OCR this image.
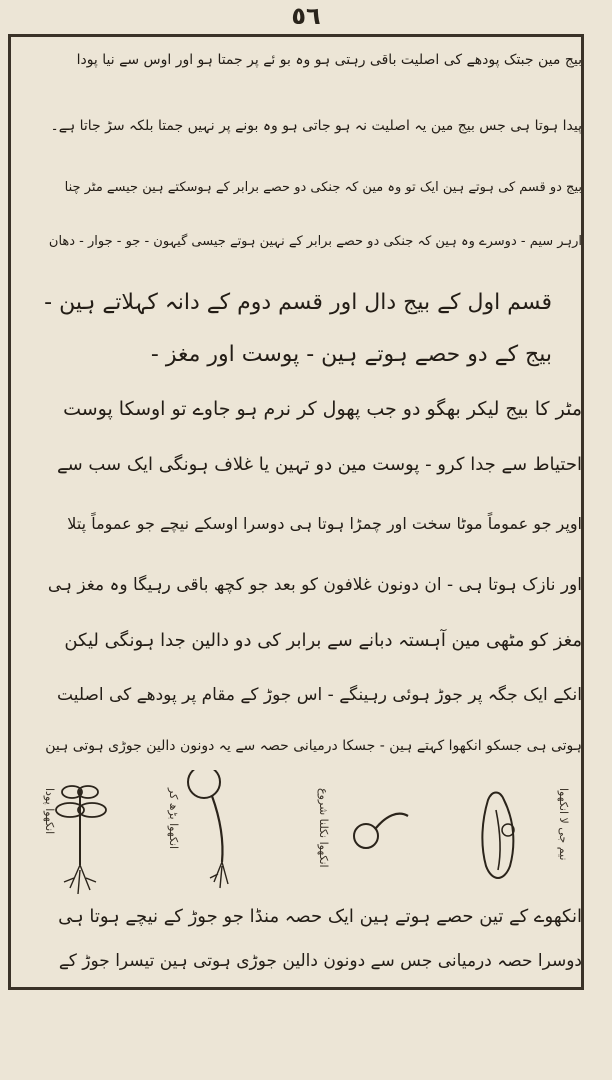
٥٦
بیج مین جبتک پودھے کی اصلیت باقی رہتی ہو وہ بو ئے پر جمتا ہو اور اوس سے نیا پودا
پیدا ہوتا ہی جس بیج مین یہ اصلیت نہ ہو جاتی ہو وہ بونے پر نہیں جمتا بلکہ سڑ جاتا ہے۔
بیج دو قسم کی ہوتے ہین ایک تو وہ مین کہ جنکی دو حصے برابر کے ہوسکتے ہین جیسے مٹر چنا
ارہر سیم - دوسرے وہ ہین کہ جنکی دو حصے برابر کے نہین ہوتے جیسی گیہون - جو - جوار - دھان
قسم اول کے بیج دال اور قسم دوم کے دانہ کہلاتے ہین -
بیج کے دو حصے ہوتے ہین - پوست اور مغز -
مٹر کا بیج لیکر بھگو دو جب پھول کر نرم ہو جاوے تو اوسکا پوست
احتیاط سے جدا کرو - پوست مین دو تہین یا غلاف ہونگی ایک سب سے
اوپر جو عموماً موٹا سخت اور چمڑا ہوتا ہی دوسرا اوسکے نیچے جو عموماً پتلا
اور نازک ہوتا ہی - ان دونون غلافون کو بعد جو کچھ باقی رہیگا وہ مغز ہی
مغز کو مٹھی مین آہستہ دبانے سے برابر کی دو دالین جدا ہونگی لیکن
انکے ایک جگہ پر جوڑ ہوئی رہینگے - اس جوڑ کے مقام پر پودھے کی اصلیت
ہوتی ہی جسکو انکھوا کہتے ہین - جسکا درمیانی حصہ سے یہ دونون دالین جوڑی ہوتی ہین
انکھوا پودا	انکھوا بڑھ کر	انکھوا نکلنا شروع	نیم جی لا انکھوا
انکھوے کے تین حصے ہوتے ہین ایک حصہ منڈا جو جوڑ کے نیچے ہوتا ہی
دوسرا حصہ درمیانی جس سے دونون دالین جوڑی ہوتی ہین تیسرا جوڑ کے
